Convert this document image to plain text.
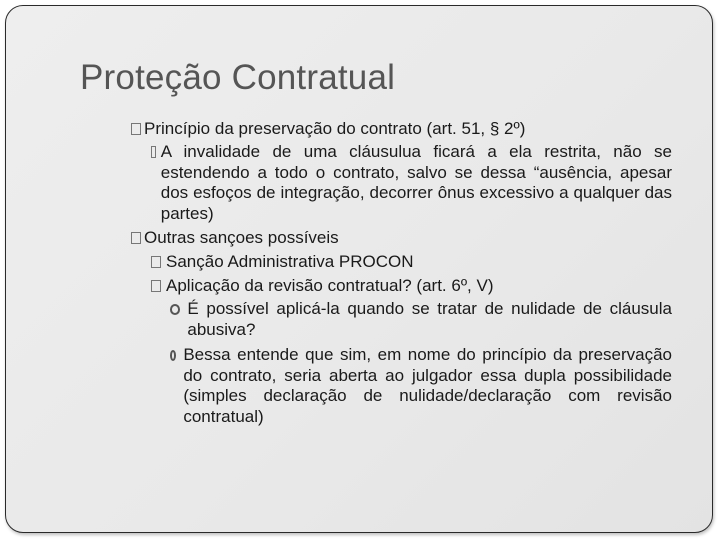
Proteção Contratual
Princípio da preservação do contrato (art. 51, § 2º)
A invalidade de uma cláusulua ficará a ela restrita, não se estendendo a todo o contrato, salvo se dessa “ausência, apesar dos esfoços de integração, decorrer ônus excessivo a qualquer das partes)
Outras sançoes possíveis
Sanção Administrativa PROCON
Aplicação da revisão contratual? (art. 6º, V)
É possível aplicá-la quando se tratar de nulidade de cláusula abusiva?
Bessa entende que sim, em nome do princípio da preservação do contrato, seria aberta ao julgador essa dupla possibilidade (simples declaração de nulidade/declaração com revisão contratual)
